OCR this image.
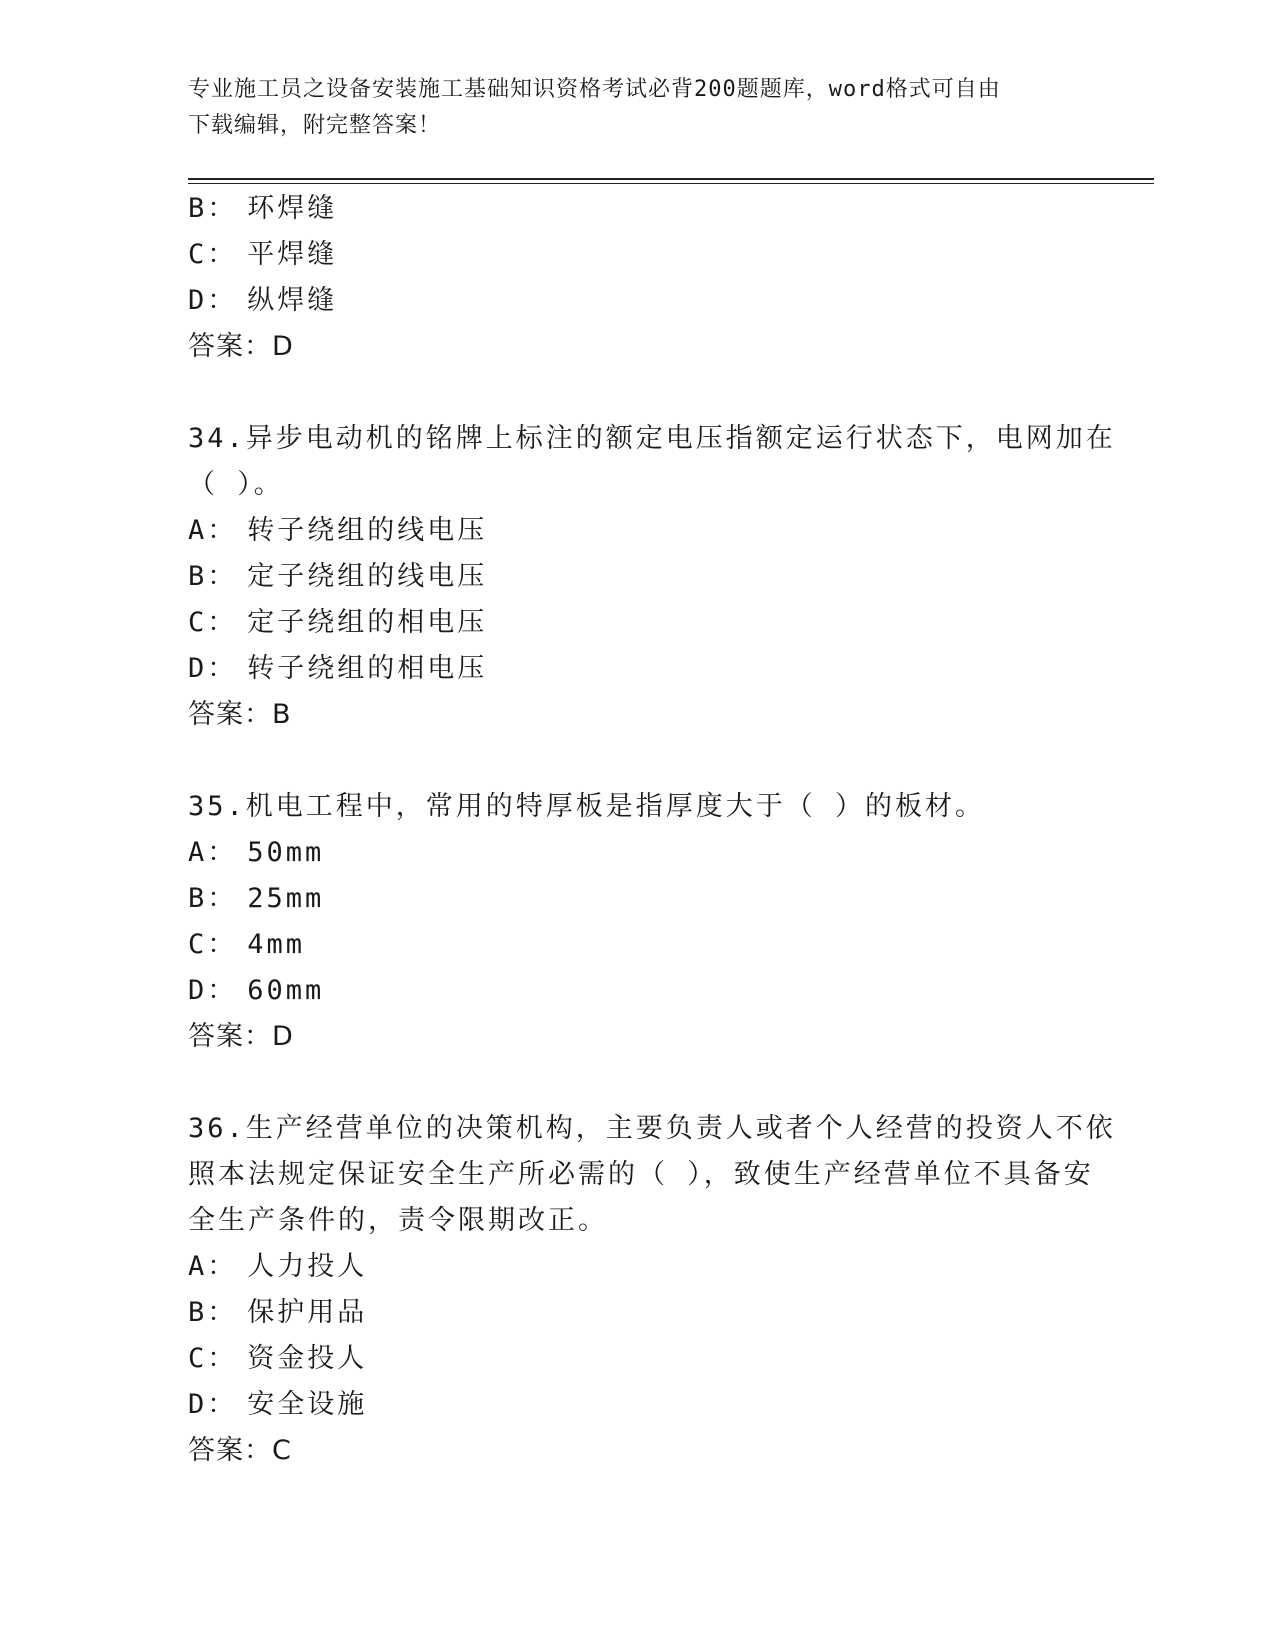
专业施工员之设备安装施工基础知识资格考试必背200题题库，word格式可自由
下载编辑，附完整答案！
B： 环焊缝
C： 平焊缝
D： 纵焊缝
答案：D
34.异步电动机的铭牌上标注的额定电压指额定运行状态下，电网加在
（ ）。
A： 转子绕组的线电压
B： 定子绕组的线电压
C： 定子绕组的相电压
D： 转子绕组的相电压
答案：B
35.机电工程中，常用的特厚板是指厚度大于（ ）的板材。
A： 50mm
B： 25mm
C： 4mm
D： 60mm
答案：D
36.生产经营单位的决策机构，主要负责人或者个人经营的投资人不依
照本法规定保证安全生产所必需的（ ），致使生产经营单位不具备安
全生产条件的，责令限期改正。
A： 人力投人
B： 保护用品
C： 资金投人
D： 安全设施
答案：C
